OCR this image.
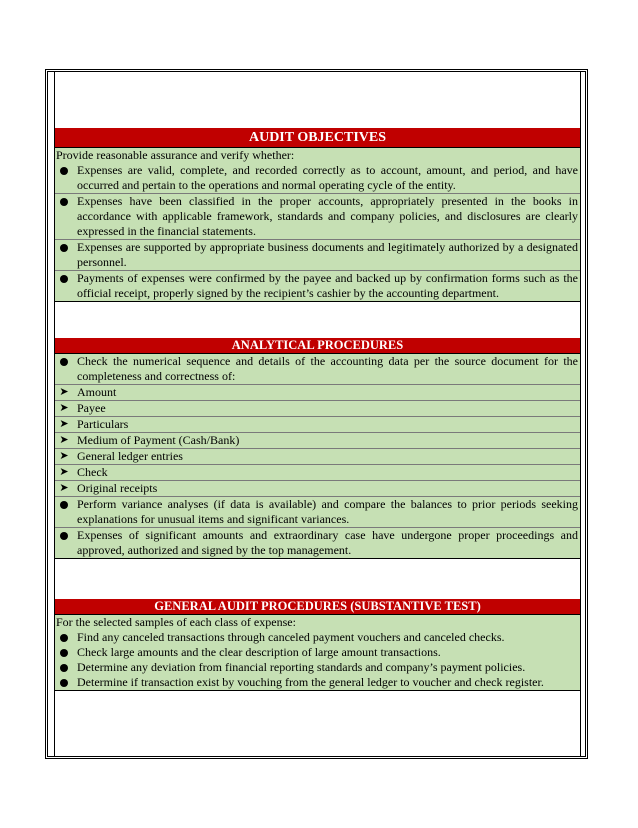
AUDIT OBJECTIVES
Provide reasonable assurance and verify whether:
Expenses are valid, complete, and recorded correctly as to account, amount, and period, and have occurred and pertain to the operations and normal operating cycle of the entity.
Expenses have been classified in the proper accounts, appropriately presented in the books in accordance with applicable framework, standards and company policies, and disclosures are clearly expressed in the financial statements.
Expenses are supported by appropriate business documents and legitimately authorized by a designated personnel.
Payments of expenses were confirmed by the payee and backed up by confirmation forms such as the official receipt, properly signed by the recipient’s cashier by the accounting department.
ANALYTICAL PROCEDURES
Check the numerical sequence and details of the accounting data per the source document for the completeness and correctness of:
➤ Amount
➤ Payee
➤ Particulars
➤ Medium of Payment (Cash/Bank)
➤ General ledger entries
➤ Check
➤ Original receipts
Perform variance analyses (if data is available) and compare the balances to prior periods seeking explanations for unusual items and significant variances.
Expenses of significant amounts and extraordinary case have undergone proper proceedings and approved, authorized and signed by the top management.
GENERAL AUDIT PROCEDURES (SUBSTANTIVE TEST)
For the selected samples of each class of expense:
Find any canceled transactions through canceled payment vouchers and canceled checks.
Check large amounts and the clear description of large amount transactions.
Determine any deviation from financial reporting standards and company’s payment policies.
Determine if transaction exist by vouching from the general ledger to voucher and check register.
